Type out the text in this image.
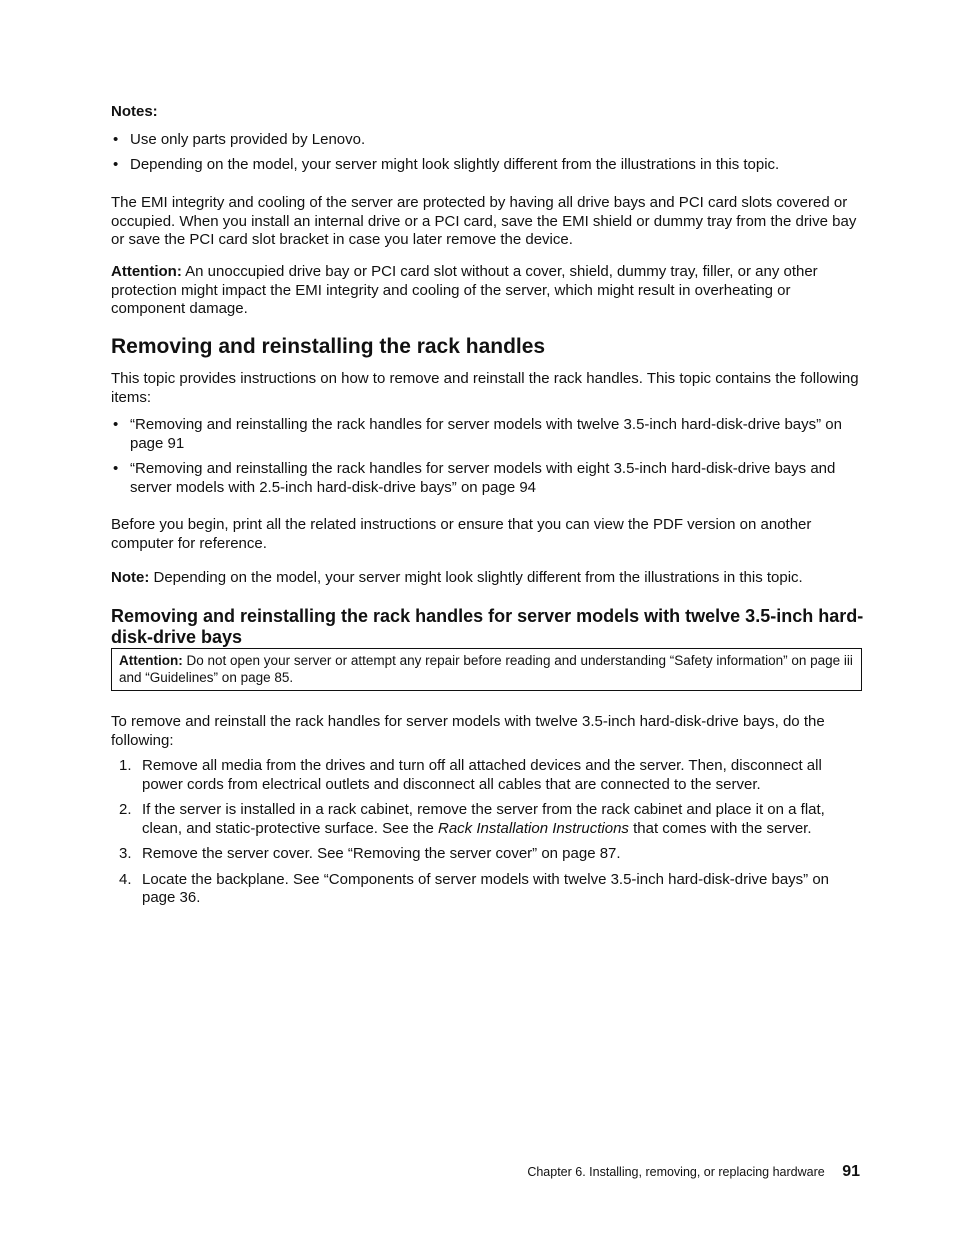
Notes:
• Use only parts provided by Lenovo.
• Depending on the model, your server might look slightly different from the illustrations in this topic.

The EMI integrity and cooling of the server are protected by having all drive bays and PCI card slots covered or occupied. When you install an internal drive or a PCI card, save the EMI shield or dummy tray from the drive bay or save the PCI card slot bracket in case you later remove the device.

Attention: An unoccupied drive bay or PCI card slot without a cover, shield, dummy tray, filler, or any other protection might impact the EMI integrity and cooling of the server, which might result in overheating or component damage.

Removing and reinstalling the rack handles

This topic provides instructions on how to remove and reinstall the rack handles. This topic contains the following items:

• “Removing and reinstalling the rack handles for server models with twelve 3.5-inch hard-disk-drive bays” on page 91
• “Removing and reinstalling the rack handles for server models with eight 3.5-inch hard-disk-drive bays and server models with 2.5-inch hard-disk-drive bays” on page 94

Before you begin, print all the related instructions or ensure that you can view the PDF version on another computer for reference.

Note: Depending on the model, your server might look slightly different from the illustrations in this topic.

Removing and reinstalling the rack handles for server models with twelve 3.5-inch hard-disk-drive bays
Attention: Do not open your server or attempt any repair before reading and understanding “Safety information” on page iii and “Guidelines” on page 85.

To remove and reinstall the rack handles for server models with twelve 3.5-inch hard-disk-drive bays, do the following:

1. Remove all media from the drives and turn off all attached devices and the server. Then, disconnect all power cords from electrical outlets and disconnect all cables that are connected to the server.
2. If the server is installed in a rack cabinet, remove the server from the rack cabinet and place it on a flat, clean, and static-protective surface. See the Rack Installation Instructions that comes with the server.
3. Remove the server cover. See “Removing the server cover” on page 87.
4. Locate the backplane. See “Components of server models with twelve 3.5-inch hard-disk-drive bays” on page 36.
Chapter 6. Installing, removing, or replacing hardware 91
